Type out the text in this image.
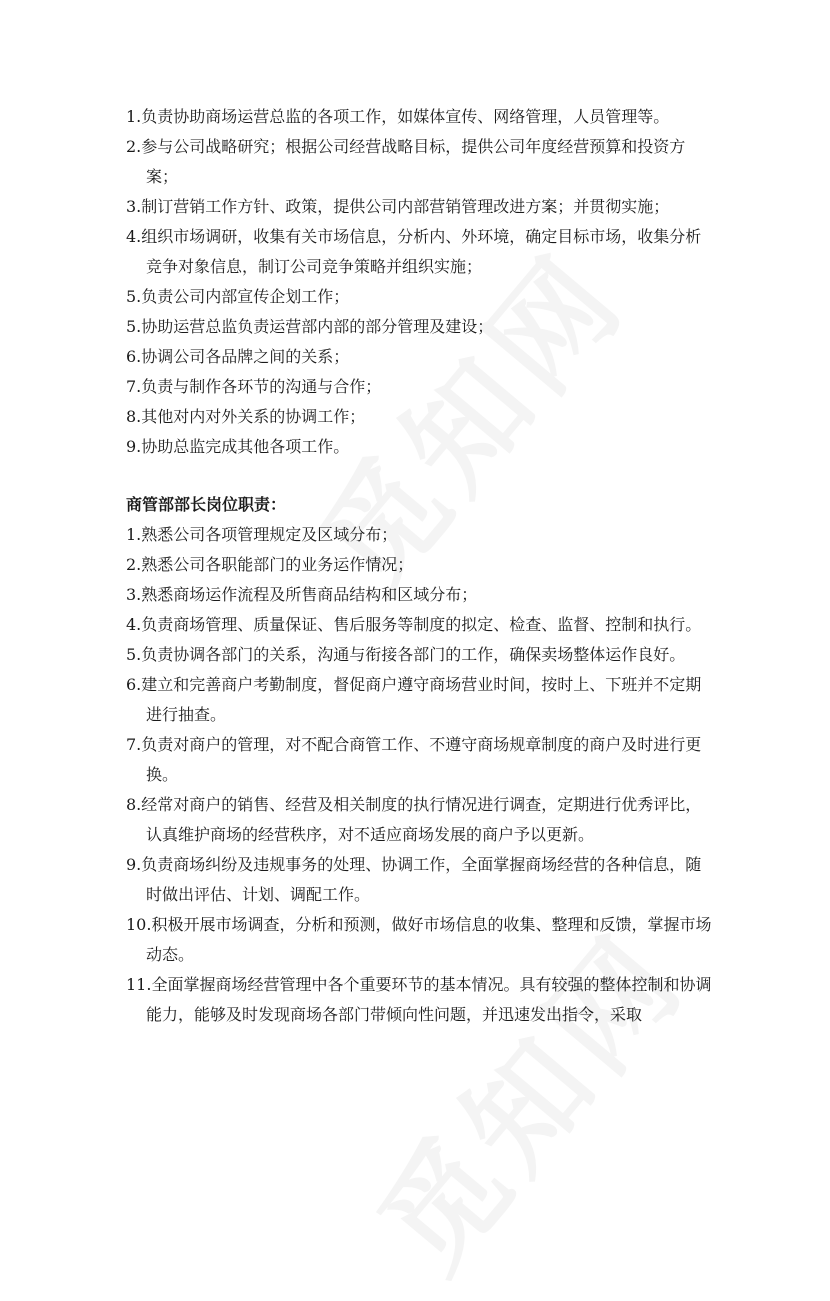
1.负责协助商场运营总监的各项工作，如媒体宣传、网络管理，人员管理等。

2.参与公司战略研究；根据公司经营战略目标，提供公司年度经营预算和投资方案；

3.制订营销工作方针、政策，提供公司内部营销管理改进方案；并贯彻实施；

4.组织市场调研，收集有关市场信息，分析内、外环境，确定目标市场，收集分析竞争对象信息，制订公司竞争策略并组织实施；

5.负责公司内部宣传企划工作；

5.协助运营总监负责运营部内部的部分管理及建设；

6.协调公司各品牌之间的关系；

7.负责与制作各环节的沟通与合作；

8.其他对内对外关系的协调工作；

9.协助总监完成其他各项工作。

商管部部长岗位职责：

1.熟悉公司各项管理规定及区域分布；

2.熟悉公司各职能部门的业务运作情况；

3.熟悉商场运作流程及所售商品结构和区域分布；

4.负责商场管理、质量保证、售后服务等制度的拟定、检查、监督、控制和执行。

5.负责协调各部门的关系，沟通与衔接各部门的工作，确保卖场整体运作良好。

6.建立和完善商户考勤制度，督促商户遵守商场营业时间，按时上、下班并不定期进行抽查。

7.负责对商户的管理，对不配合商管工作、不遵守商场规章制度的商户及时进行更换。

8.经常对商户的销售、经营及相关制度的执行情况进行调查，定期进行优秀评比，认真维护商场的经营秩序，对不适应商场发展的商户予以更新。

9.负责商场纠纷及违规事务的处理、协调工作，全面掌握商场经营的各种信息，随时做出评估、计划、调配工作。

10.积极开展市场调查，分析和预测，做好市场信息的收集、整理和反馈，掌握市场动态。

11.全面掌握商场经营管理中各个重要环节的基本情况。具有较强的整体控制和协调能力，能够及时发现商场各部门带倾向性问题，并迅速发出指令，采取
